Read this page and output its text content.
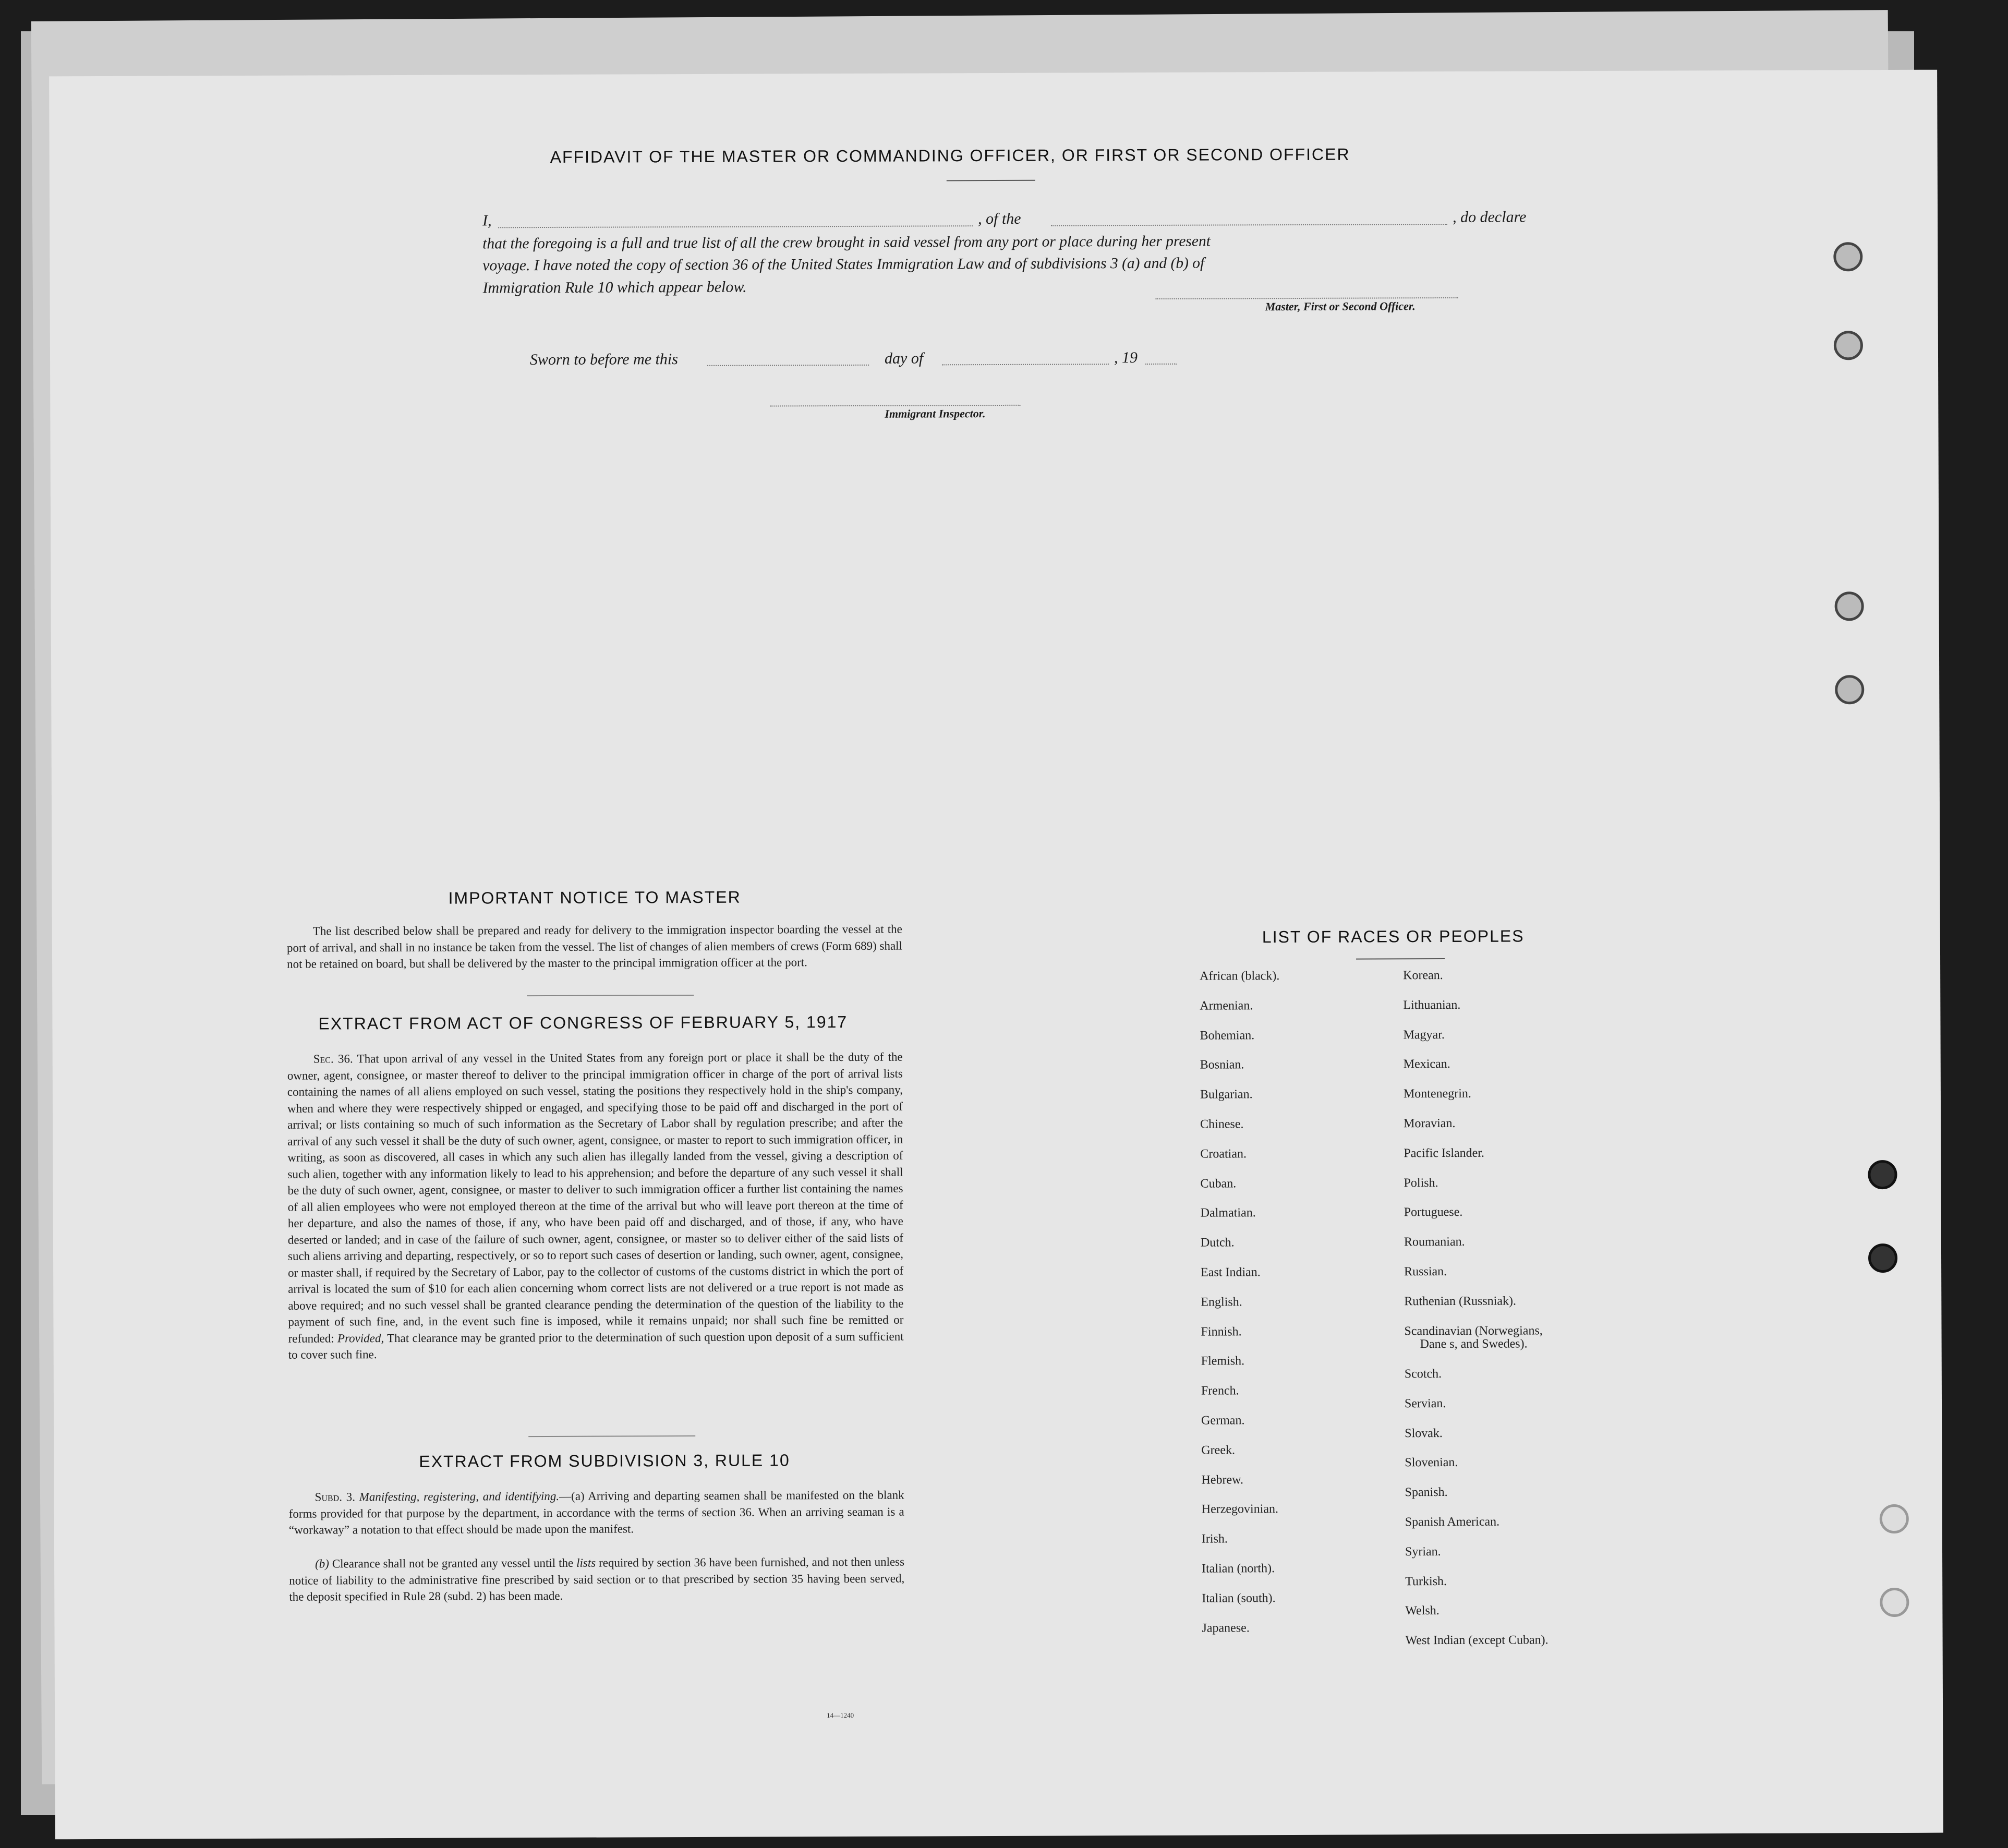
AFFIDAVIT OF THE MASTER OR COMMANDING OFFICER, OR FIRST OR SECOND OFFICER
I,	, of the	, do declare
that the foregoing is a full and true list of all the crew brought in said vessel from any port or place during her present
voyage. I have noted the copy of section 36 of the United States Immigration Law and of subdivisions 3 (a) and (b) of
Immigration Rule 10 which appear below.
Master, First or Second Officer.
Sworn to before me this	day of	, 19
Immigrant Inspector.
IMPORTANT NOTICE TO MASTER
The list described below shall be prepared and ready for delivery to the immigration inspector boarding the vessel at the port of arrival, and shall in no instance be taken from the vessel. The list of changes of alien members of crews (Form 689) shall not be retained on board, but shall be delivered by the master to the principal immigration officer at the port.
EXTRACT FROM ACT OF CONGRESS OF FEBRUARY 5, 1917
Sec. 36. That upon arrival of any vessel in the United States from any foreign port or place it shall be the duty of the owner, agent, consignee, or master thereof to deliver to the principal immigration officer in charge of the port of arrival lists containing the names of all aliens employed on such vessel, stating the positions they respectively hold in the ship's company, when and where they were respectively shipped or engaged, and specifying those to be paid off and discharged in the port of arrival; or lists containing so much of such information as the Secretary of Labor shall by regulation prescribe; and after the arrival of any such vessel it shall be the duty of such owner, agent, consignee, or master to report to such immigration officer, in writing, as soon as discovered, all cases in which any such alien has illegally landed from the vessel, giving a description of such alien, together with any information likely to lead to his apprehension; and before the departure of any such vessel it shall be the duty of such owner, agent, consignee, or master to deliver to such immigration officer a further list containing the names of all alien employees who were not employed thereon at the time of the arrival but who will leave port thereon at the time of her departure, and also the names of those, if any, who have been paid off and discharged, and of those, if any, who have deserted or landed; and in case of the failure of such owner, agent, consignee, or master so to deliver either of the said lists of such aliens arriving and departing, respectively, or so to report such cases of desertion or landing, such owner, agent, consignee, or master shall, if required by the Secretary of Labor, pay to the collector of customs of the customs district in which the port of arrival is located the sum of $10 for each alien concerning whom correct lists are not delivered or a true report is not made as above required; and no such vessel shall be granted clearance pending the determination of the question of the liability to the payment of such fine, and, in the event such fine is imposed, while it remains unpaid; nor shall such fine be remitted or refunded: Provided, That clearance may be granted prior to the determination of such question upon deposit of a sum sufficient to cover such fine.
EXTRACT FROM SUBDIVISION 3, RULE 10
Subd. 3. Manifesting, registering, and identifying.—(a) Arriving and departing seamen shall be manifested on the blank forms provided for that purpose by the department, in accordance with the terms of section 36. When an arriving seaman is a “workaway” a notation to that effect should be made upon the manifest.
(b) Clearance shall not be granted any vessel until the lists required by section 36 have been furnished, and not then unless notice of liability to the administrative fine prescribed by said section or to that prescribed by section 35 having been served, the deposit specified in Rule 28 (subd. 2) has been made.
14—1240
LIST OF RACES OR PEOPLES
African (black).
Armenian.
Bohemian.
Bosnian.
Bulgarian.
Chinese.
Croatian.
Cuban.
Dalmatian.
Dutch.
East Indian.
English.
Finnish.
Flemish.
French.
German.
Greek.
Hebrew.
Herzegovinian.
Irish.
Italian (north).
Italian (south).
Japanese.
Korean.
Lithuanian.
Magyar.
Mexican.
Montenegrin.
Moravian.
Pacific Islander.
Polish.
Portuguese.
Roumanian.
Russian.
Ruthenian (Russniak).
Scandinavian (Norwegians,
Dane s, and Swedes).
Scotch.
Servian.
Slovak.
Slovenian.
Spanish.
Spanish American.
Syrian.
Turkish.
Welsh.
West Indian (except Cuban).
